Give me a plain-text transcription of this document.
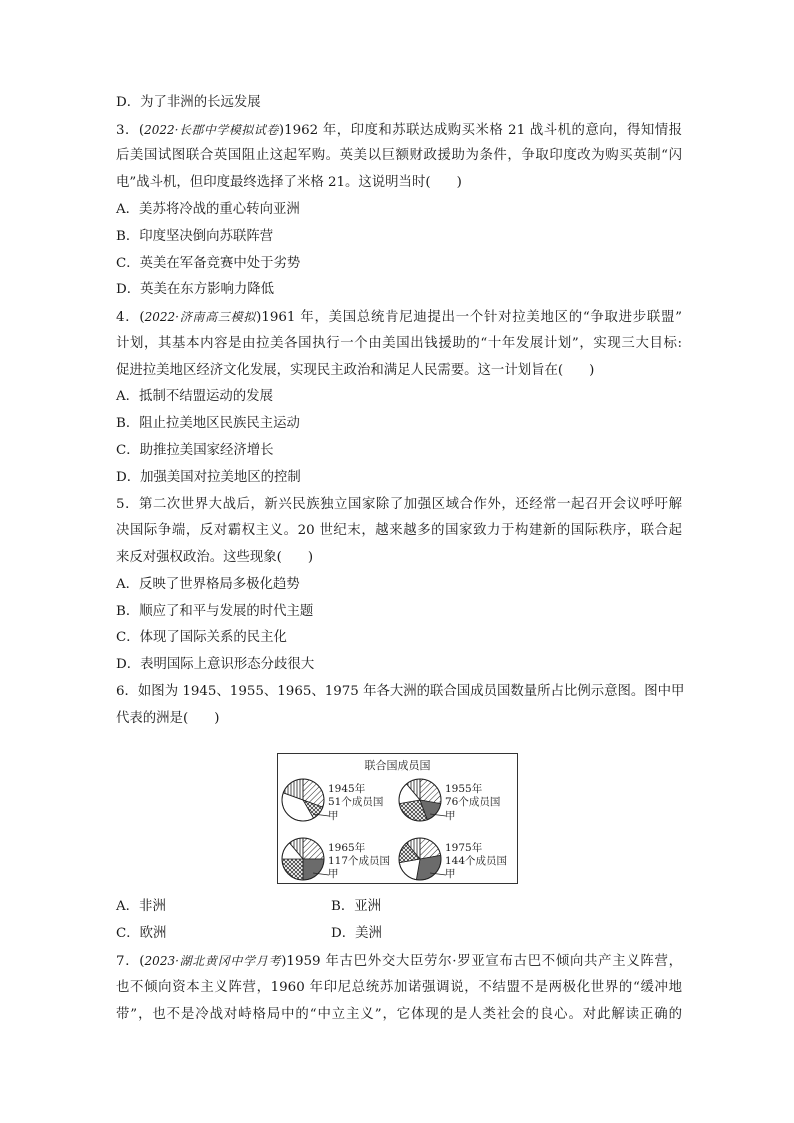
D．为了非洲的长远发展
3．(2022·长郡中学模拟试卷)1962 年，印度和苏联达成购买米格 21 战斗机的意向，得知情报
后美国试图联合英国阻止这起军购。英美以巨额财政援助为条件，争取印度改为购买英制“闪
电”战斗机，但印度最终选择了米格 21。这说明当时( )
A．美苏将冷战的重心转向亚洲
B．印度坚决倒向苏联阵营
C．英美在军备竞赛中处于劣势
D．英美在东方影响力降低
4．(2022·济南高三模拟)1961 年，美国总统肯尼迪提出一个针对拉美地区的“争取进步联盟”
计划，其基本内容是由拉美各国执行一个由美国出钱援助的“十年发展计划”，实现三大目标:
促进拉美地区经济文化发展，实现民主政治和满足人民需要。这一计划旨在( )
A．抵制不结盟运动的发展
B．阻止拉美地区民族民主运动
C．助推拉美国家经济增长
D．加强美国对拉美地区的控制
5．第二次世界大战后，新兴民族独立国家除了加强区域合作外，还经常一起召开会议呼吁解
决国际争端，反对霸权主义。20 世纪末，越来越多的国家致力于构建新的国际秩序，联合起
来反对强权政治。这些现象( )
A．反映了世界格局多极化趋势
B．顺应了和平与发展的时代主题
C．体现了国际关系的民主化
D．表明国际上意识形态分歧很大
6．如图为 1945、1955、1965、1975 年各大洲的联合国成员国数量所占比例示意图。图中甲
代表的洲是( )
联合国成员国
1945年
51个成员国
甲
1955年
76个成员国
甲
1965年
117个成员国
甲
1975年
144个成员国
甲
A．非洲	B．亚洲
C．欧洲	D．美洲
7．(2023·湖北黄冈中学月考)1959 年古巴外交大臣劳尔·罗亚宣布古巴不倾向共产主义阵营，
也不倾向资本主义阵营，1960 年印尼总统苏加诺强调说，不结盟不是两极化世界的“缓冲地
带”，也不是冷战对峙格局中的“中立主义”，它体现的是人类社会的良心。对此解读正确的
